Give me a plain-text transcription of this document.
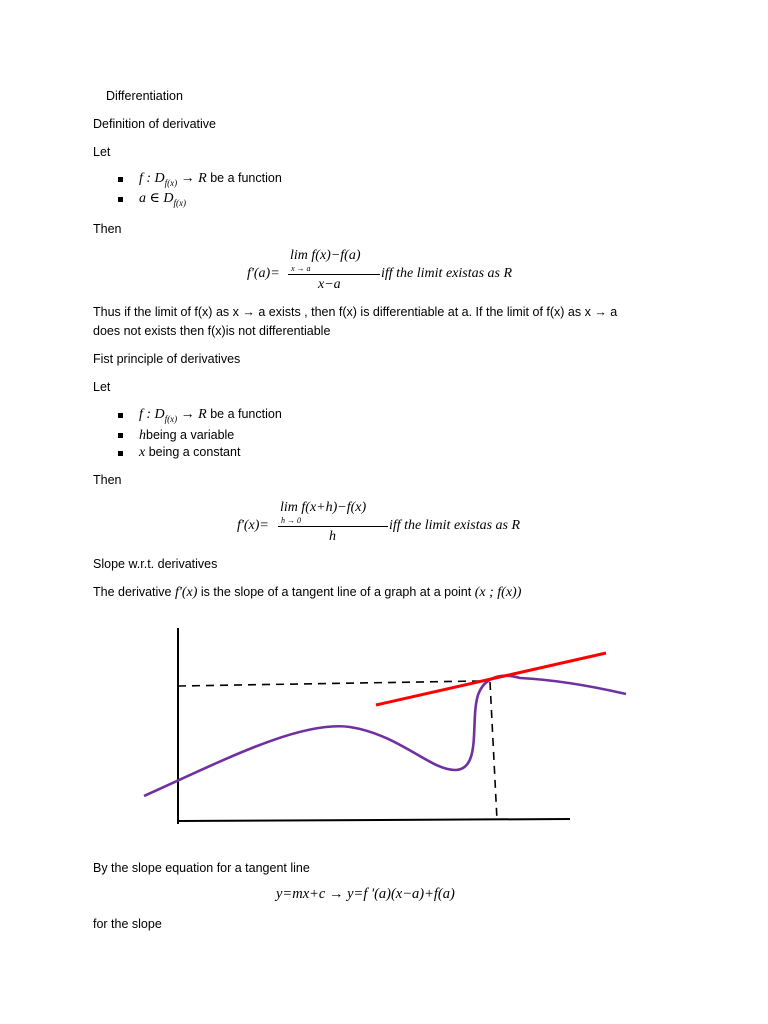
Differentiation
Definition of derivative
Let
f : $D_{f(x)} \to R$ be a function
a ∈ $D_{f(x)}$
Then
lim f(x)−f(a)
x → a
f'(a)=
x−a
iff the limit existas as R
Thus if the limit of f(x) as x → a exists , then f(x) is differentiable at a. If the limit of f(x) as x → a
does not exists then f(x)is not differentiable
Fist principle of derivatives
Let
f : $D_{f(x)} \to R$ be a function
hbeing a variable
x being a constant
Then
lim f(x+h)−f(x)
h → 0
f'(x)=
h
iff the limit existas as R
Slope w.r.t. derivatives
The derivative f'(x) is the slope of a tangent line of a graph at a point (x ; f(x))
By the slope equation for a tangent line
y=mx+c → y=f '(a)(x−a)+f(a)
for the slope
